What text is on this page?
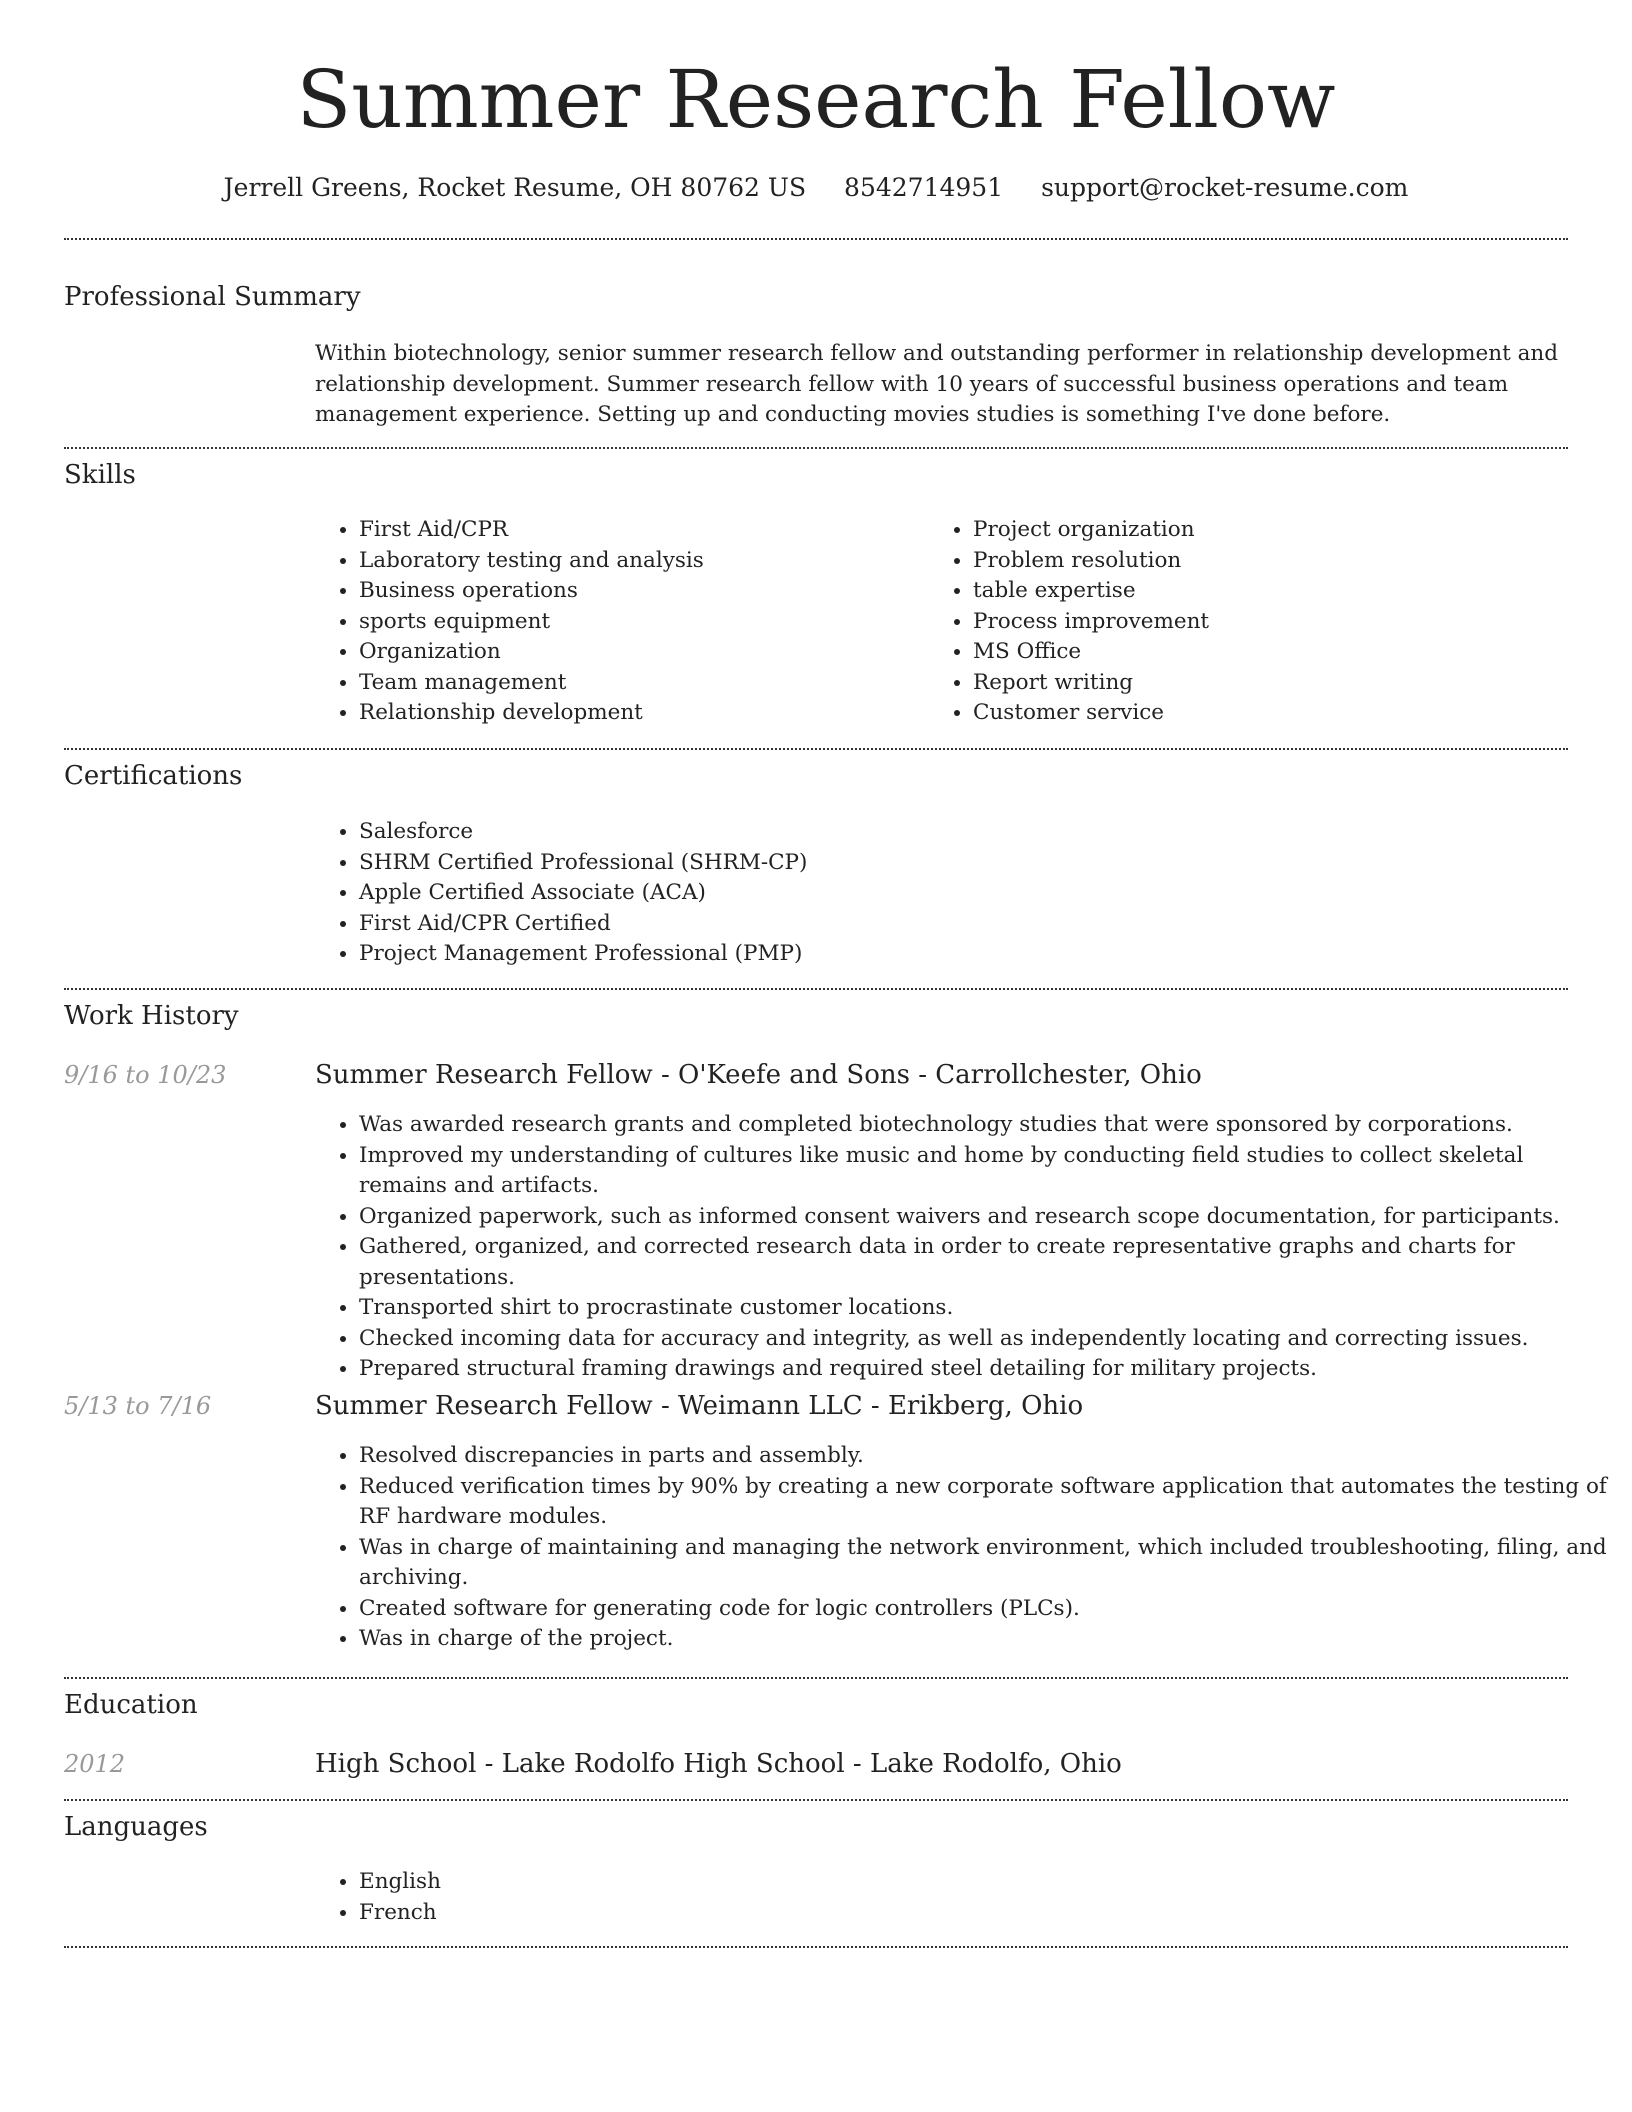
Summer Research Fellow
Jerrell Greens, Rocket Resume, OH 80762 US 8542714951 support@rocket-resume.com
Professional Summary

Within biotechnology, senior summer research fellow and outstanding performer in relationship development and relationship development. Summer research fellow with 10 years of successful business operations and team management experience. Setting up and conducting movies studies is something I've done before.

Skills
• First Aid/CPR
• Laboratory testing and analysis
• Business operations
• sports equipment
• Organization
• Team management
• Relationship development
• Project organization
• Problem resolution
• table expertise
• Process improvement
• MS Office
• Report writing
• Customer service
Certifications
• Salesforce
• SHRM Certified Professional (SHRM-CP)
• Apple Certified Associate (ACA)
• First Aid/CPR Certified
• Project Management Professional (PMP)
Work History
9/16 to 10/23	Summer Research Fellow - O'Keefe and Sons - Carrollchester, Ohio
• Was awarded research grants and completed biotechnology studies that were sponsored by corporations.
• Improved my understanding of cultures like music and home by conducting field studies to collect skeletal remains and artifacts.
• Organized paperwork, such as informed consent waivers and research scope documentation, for participants.
• Gathered, organized, and corrected research data in order to create representative graphs and charts for presentations.
• Transported shirt to procrastinate customer locations.
• Checked incoming data for accuracy and integrity, as well as independently locating and correcting issues.
• Prepared structural framing drawings and required steel detailing for military projects.
5/13 to 7/16	Summer Research Fellow - Weimann LLC - Erikberg, Ohio
• Resolved discrepancies in parts and assembly.
• Reduced verification times by 90% by creating a new corporate software application that automates the testing of RF hardware modules.
• Was in charge of maintaining and managing the network environment, which included troubleshooting, filing, and archiving.
• Created software for generating code for logic controllers (PLCs).
• Was in charge of the project.
Education
2012	High School - Lake Rodolfo High School - Lake Rodolfo, Ohio
Languages
• English
• French
